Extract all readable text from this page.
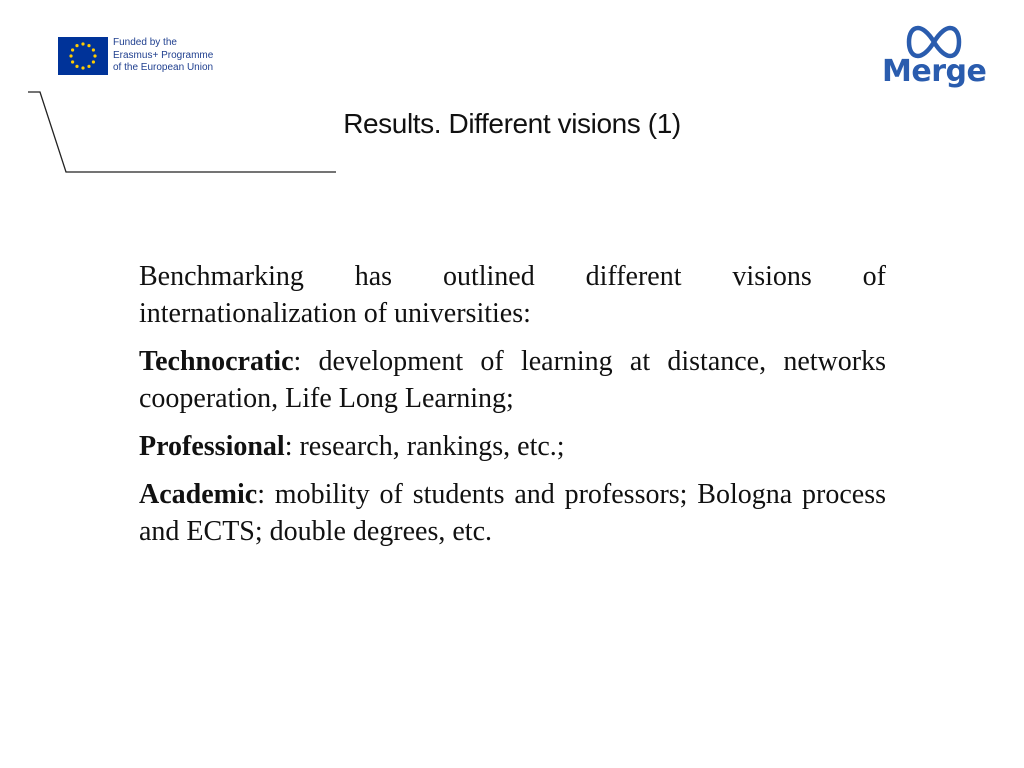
Funded by the
Erasmus+ Programme
of the European Union	Merge
Results. Different visions (1)

Benchmarking has outlined different visions of internationalization of universities:

Technocratic: development of learning at distance, networks cooperation, Life Long Learning;

Professional: research, rankings, etc.;

Academic: mobility of students and professors; Bologna process and ECTS; double degrees, etc.
